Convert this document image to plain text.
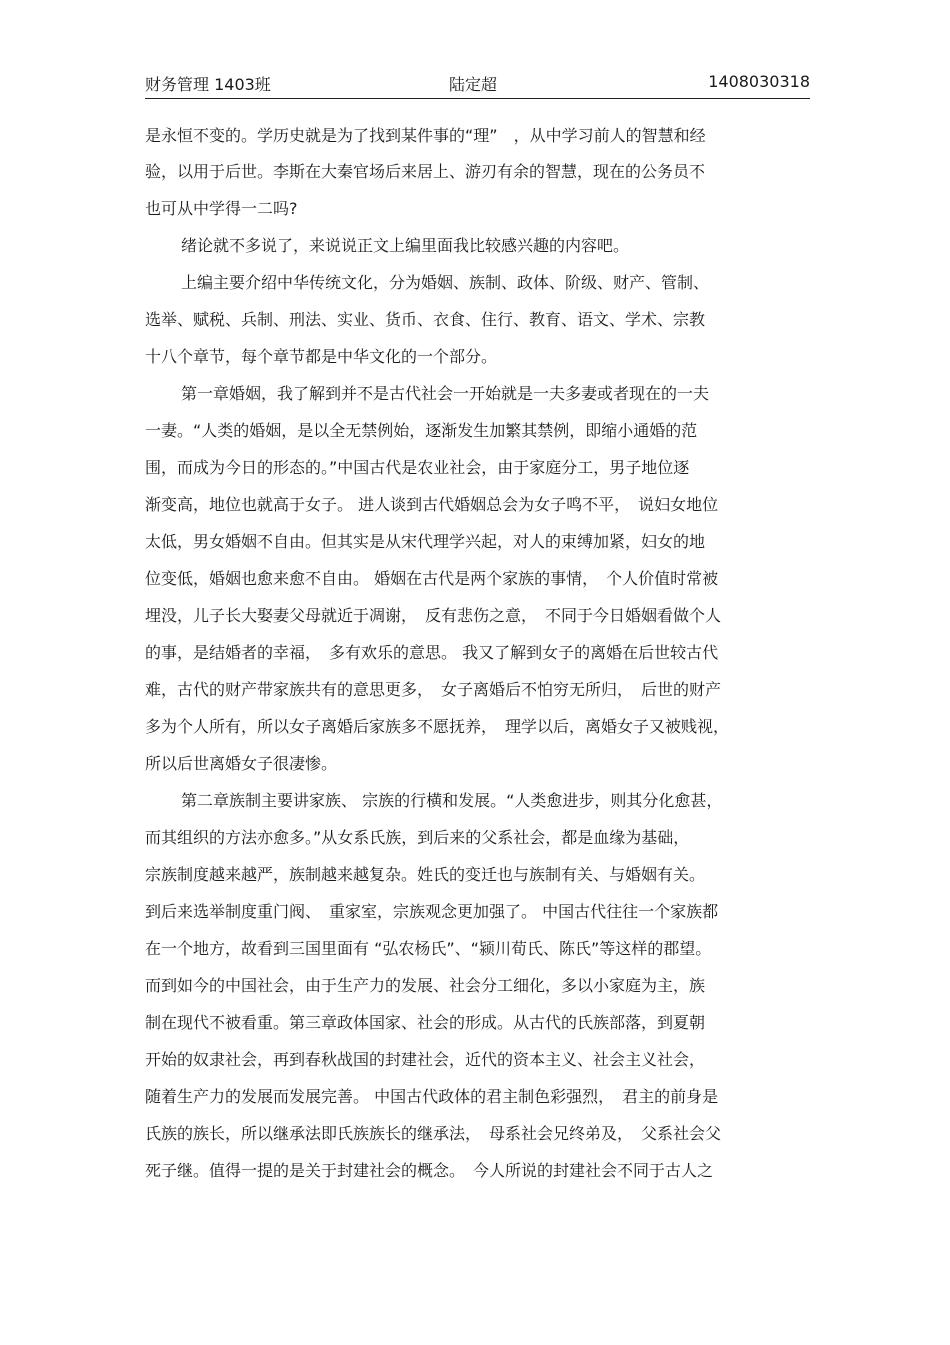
财务管理 1403班	陆定超	1408030318
是永恒不变的。学历史就是为了找到某件事的“理”　，从中学习前人的智慧和经
验，以用于后世。李斯在大秦官场后来居上、游刃有余的智慧，现在的公务员不
也可从中学得一二吗?
绪论就不多说了，来说说正文上编里面我比较感兴趣的内容吧。
上编主要介绍中华传统文化，分为婚姻、族制、政体、阶级、财产、管制、
选举、赋税、兵制、刑法、实业、货币、衣食、住行、教育、语文、学术、宗教
十八个章节，每个章节都是中华文化的一个部分。
第一章婚姻，我了解到并不是古代社会一开始就是一夫多妻或者现在的一夫
一妻。“人类的婚姻，是以全无禁例始，逐渐发生加繁其禁例，即缩小通婚的范
围，而成为今日的形态的。”中国古代是农业社会，由于家庭分工，男子地位逐
渐变高，地位也就高于女子。 进人谈到古代婚姻总会为女子鸣不平，　说妇女地位
太低，男女婚姻不自由。但其实是从宋代理学兴起，对人的束缚加紧，妇女的地
位变低，婚姻也愈来愈不自由。 婚姻在古代是两个家族的事情，　个人价值时常被
埋没，儿子长大娶妻父母就近于凋谢，　反有悲伤之意，　不同于今日婚姻看做个人
的事，是结婚者的幸福，　多有欢乐的意思。 我又了解到女子的离婚在后世较古代
难，古代的财产带家族共有的意思更多，　女子离婚后不怕穷无所归，　后世的财产
多为个人所有，所以女子离婚后家族多不愿抚养，　理学以后，离婚女子又被贱视，
所以后世离婚女子很凄惨。
第二章族制主要讲家族、 宗族的行横和发展。“人类愈进步，则其分化愈甚，
而其组织的方法亦愈多。”从女系氏族，到后来的父系社会，都是血缘为基础，
宗族制度越来越严，族制越来越复杂。姓氏的变迁也与族制有关、与婚姻有关。
到后来选举制度重门阀、　重家室，宗族观念更加强了。 中国古代往往一个家族都
在一个地方，故看到三国里面有 “弘农杨氏”、“颍川荀氏、陈氏”等这样的郡望。
而到如今的中国社会，由于生产力的发展、社会分工细化，多以小家庭为主，族
制在现代不被看重。第三章政体国家、社会的形成。从古代的氏族部落，到夏朝
开始的奴隶社会，再到春秋战国的封建社会，近代的资本主义、社会主义社会，
随着生产力的发展而发展完善。 中国古代政体的君主制色彩强烈，　君主的前身是
氏族的族长，所以继承法即氏族族长的继承法，　母系社会兄终弟及，　父系社会父
死子继。值得一提的是关于封建社会的概念。　今人所说的封建社会不同于古人之
